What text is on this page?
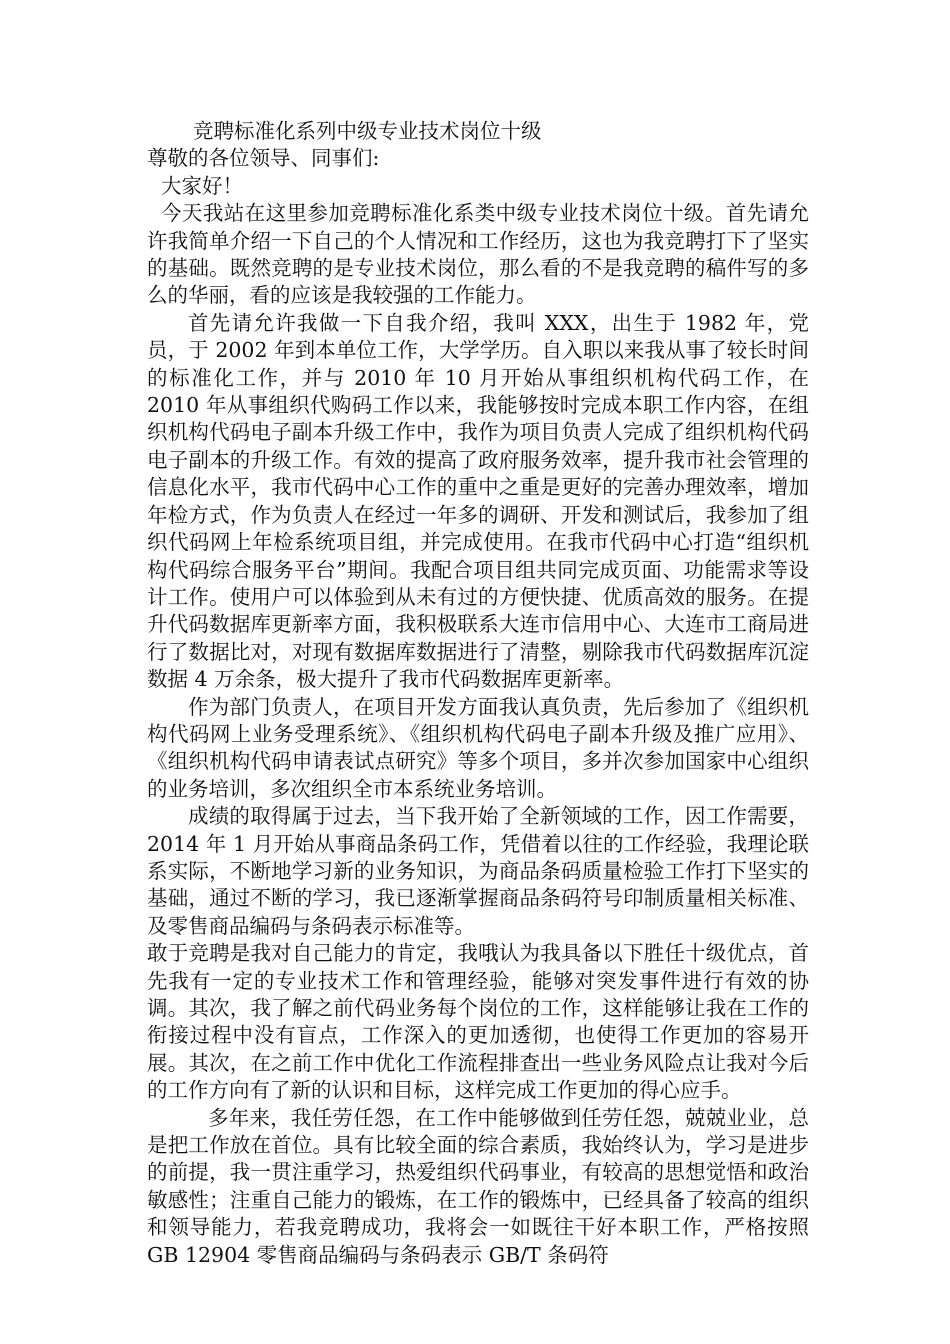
竞聘标准化系列中级专业技术岗位十级

尊敬的各位领导、同事们:

大家好！

今天我站在这里参加竞聘标准化系类中级专业技术岗位十级。首先请允许我简单介绍一下自己的个人情况和工作经历，这也为我竞聘打下了坚实的基础。既然竞聘的是专业技术岗位，那么看的不是我竞聘的稿件写的多么的华丽，看的应该是我较强的工作能力。

首先请允许我做一下自我介绍，我叫 XXX，出生于 1982 年，党员，于 2002 年到本单位工作，大学学历。自入职以来我从事了较长时间的标准化工作，并与 2010 年 10 月开始从事组织机构代码工作，在 2010 年从事组织代购码工作以来，我能够按时完成本职工作内容，在组织机构代码电子副本升级工作中，我作为项目负责人完成了组织机构代码电子副本的升级工作。有效的提高了政府服务效率，提升我市社会管理的信息化水平，我市代码中心工作的重中之重是更好的完善办理效率，增加年检方式，作为负责人在经过一年多的调研、开发和测试后，我参加了组织代码网上年检系统项目组，并完成使用。在我市代码中心打造“组织机构代码综合服务平台”期间。我配合项目组共同完成页面、功能需求等设计工作。使用户可以体验到从未有过的方便快捷、优质高效的服务。在提升代码数据库更新率方面，我积极联系大连市信用中心、大连市工商局进行了数据比对，对现有数据库数据进行了清整，剔除我市代码数据库沉淀数据 4 万余条，极大提升了我市代码数据库更新率。

作为部门负责人，在项目开发方面我认真负责，先后参加了《组织机构代码网上业务受理系统》、《组织机构代码电子副本升级及推广应用》、《组织机构代码申请表试点研究》等多个项目，多并次参加国家中心组织的业务培训，多次组织全市本系统业务培训。

成绩的取得属于过去，当下我开始了全新领域的工作，因工作需要，2014 年 1 月开始从事商品条码工作，凭借着以往的工作经验，我理论联系实际，不断地学习新的业务知识，为商品条码质量检验工作打下坚实的基础，通过不断的学习，我已逐渐掌握商品条码符号印制质量相关标准、及零售商品编码与条码表示标准等。

敢于竞聘是我对自己能力的肯定，我哦认为我具备以下胜任十级优点，首先我有一定的专业技术工作和管理经验，能够对突发事件进行有效的协调。其次，我了解之前代码业务每个岗位的工作，这样能够让我在工作的衔接过程中没有盲点，工作深入的更加透彻，也使得工作更加的容易开展。其次，在之前工作中优化工作流程排查出一些业务风险点让我对今后的工作方向有了新的认识和目标，这样完成工作更加的得心应手。

多年来，我任劳任怨，在工作中能够做到任劳任怨，兢兢业业，总是把工作放在首位。具有比较全面的综合素质，我始终认为，学习是进步的前提，我一贯注重学习，热爱组织代码事业，有较高的思想觉悟和政治敏感性；注重自己能力的锻炼，在工作的锻炼中，已经具备了较高的组织和领导能力，若我竞聘成功，我将会一如既往干好本职工作，严格按照 GB 12904 零售商品编码与条码表示 GB/T 条码符
